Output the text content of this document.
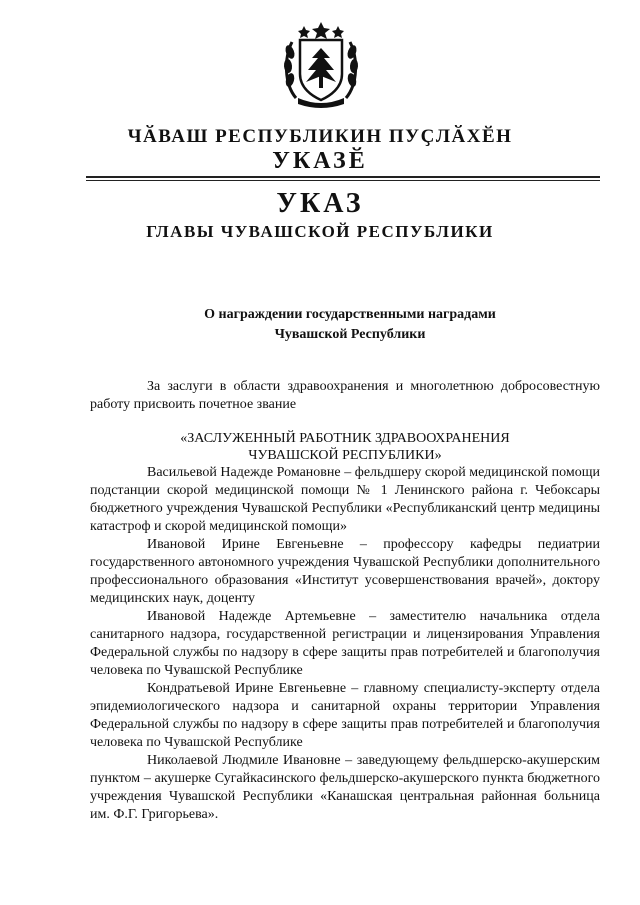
ЧӐВАШ РЕСПУБЛИКИН ПУҪЛӐХӖН
УКАЗӖ
УКАЗ
ГЛАВЫ ЧУВАШСКОЙ РЕСПУБЛИКИ
О награждении государственными наградами
Чувашской Республики

За заслуги в области здравоохранения и многолетнюю добросовестную работу присвоить почетное звание

«ЗАСЛУЖЕННЫЙ РАБОТНИК ЗДРАВООХРАНЕНИЯ

ЧУВАШСКОЙ РЕСПУБЛИКИ»

Васильевой Надежде Романовне – фельдшеру скорой медицинской помощи подстанции скорой медицинской помощи № 1 Ленинского района г. Чебоксары бюджетного учреждения Чувашской Республики «Республиканский центр медицины катастроф и скорой медицинской помощи»

Ивановой Ирине Евгеньевне – профессору кафедры педиатрии государственного автономного учреждения Чувашской Республики дополнительного профессионального образования «Институт усовершенствования врачей», доктору медицинских наук, доценту

Ивановой Надежде Артемьевне – заместителю начальника отдела санитарного надзора, государственной регистрации и лицензирования Управления Федеральной службы по надзору в сфере защиты прав потребителей и благополучия человека по Чувашской Республике

Кондратьевой Ирине Евгеньевне – главному специалисту-эксперту отдела эпидемиологического надзора и санитарной охраны территории Управления Федеральной службы по надзору в сфере защиты прав потребителей и благополучия человека по Чувашской Республике

Николаевой Людмиле Ивановне – заведующему фельдшерско-акушерским пунктом – акушерке Сугайкасинского фельдшерско-акушерского пункта бюджетного учреждения Чувашской Республики «Канашская центральная районная больница им. Ф.Г. Григорьева».
